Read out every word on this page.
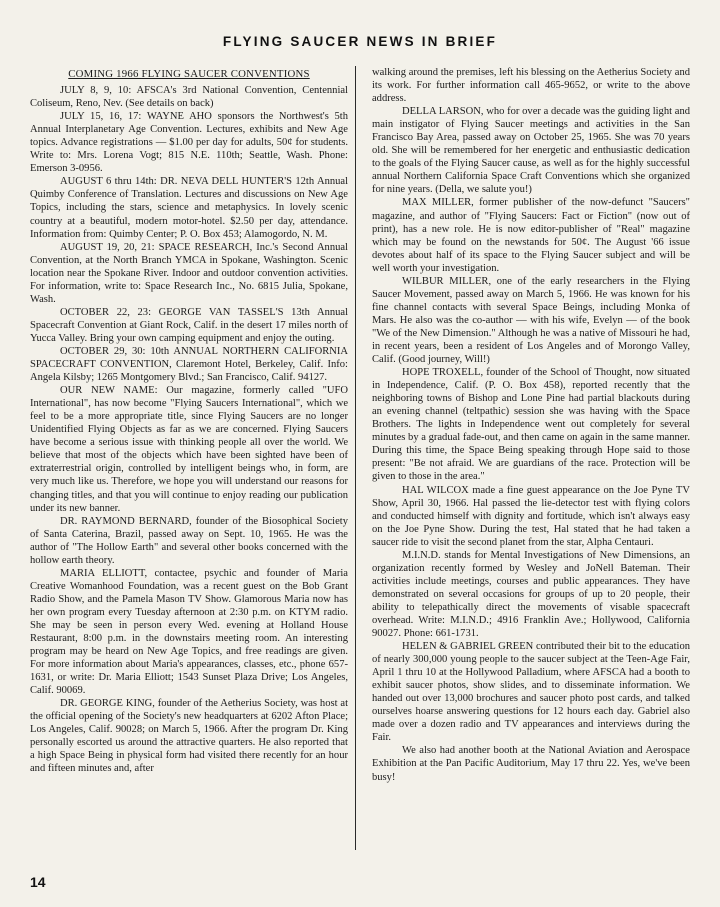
FLYING SAUCER NEWS IN BRIEF

COMING 1966 FLYING SAUCER CONVENTIONS

JULY 8, 9, 10: AFSCA's 3rd National Convention, Centennial Coliseum, Reno, Nev. (See details on back)

JULY 15, 16, 17: WAYNE AHO sponsors the Northwest's 5th Annual Interplanetary Age Convention. Lectures, exhibits and New Age topics. Advance registrations — $1.00 per day for adults, 50¢ for students. Write to: Mrs. Lorena Vogt; 815 N.E. 110th; Seattle, Wash. Phone: Emerson 3-0956.

AUGUST 6 thru 14th: DR. NEVA DELL HUNTER'S 12th Annual Quimby Conference of Translation. Lectures and discussions on New Age Topics, including the stars, science and metaphysics. In lovely scenic country at a beautiful, modern motor-hotel. $2.50 per day, attendance. Information from: Quimby Center; P. O. Box 453; Alamogordo, N. M.

AUGUST 19, 20, 21: SPACE RESEARCH, Inc.'s Second Annual Convention, at the North Branch YMCA in Spokane, Washington. Scenic location near the Spokane River. Indoor and outdoor convention activities. For information, write to: Space Research Inc., No. 6815 Julia, Spokane, Wash.

OCTOBER 22, 23: GEORGE VAN TASSEL'S 13th Annual Spacecraft Convention at Giant Rock, Calif. in the desert 17 miles north of Yucca Valley. Bring your own camping equipment and enjoy the outing.

OCTOBER 29, 30: 10th ANNUAL NORTHERN CALIFORNIA SPACECRAFT CONVENTION, Claremont Hotel, Berkeley, Calif. Info: Angela Kilsby; 1265 Montgomery Blvd.; San Francisco, Calif. 94127.

OUR NEW NAME: Our magazine, formerly called "UFO International", has now become "Flying Saucers International", which we feel to be a more appropriate title, since Flying Saucers are no longer Unidentified Flying Objects as far as we are concerned. Flying Saucers have become a serious issue with thinking people all over the world. We believe that most of the objects which have been sighted have been of extraterrestrial origin, controlled by intelligent beings who, in form, are very much like us. Therefore, we hope you will understand our reasons for changing titles, and that you will continue to enjoy reading our publication under its new banner.

DR. RAYMOND BERNARD, founder of the Biosophical Society of Santa Caterina, Brazil, passed away on Sept. 10, 1965. He was the author of "The Hollow Earth" and several other books concerned with the hollow earth theory.

MARIA ELLIOTT, contactee, psychic and founder of Maria Creative Womanhood Foundation, was a recent guest on the Bob Grant Radio Show, and the Pamela Mason TV Show. Glamorous Maria now has her own program every Tuesday afternoon at 2:30 p.m. on KTYM radio. She may be seen in person every Wed. evening at Holland House Restaurant, 8:00 p.m. in the downstairs meeting room. An interesting program may be heard on New Age Topics, and free readings are given. For more information about Maria's appearances, classes, etc., phone 657-1631, or write: Dr. Maria Elliott; 1543 Sunset Plaza Drive; Los Angeles, Calif. 90069.

DR. GEORGE KING, founder of the Aetherius Society, was host at the official opening of the Society's new headquarters at 6202 Afton Place; Los Angeles, Calif. 90028; on March 5, 1966. After the program Dr. King personally escorted us around the attractive quarters. He also reported that a high Space Being in physical form had visited there recently for an hour and fifteen minutes and, after

walking around the premises, left his blessing on the Aetherius Society and its work. For further information call 465-9652, or write to the above address.

DELLA LARSON, who for over a decade was the guiding light and main instigator of Flying Saucer meetings and activities in the San Francisco Bay Area, passed away on October 25, 1965. She was 70 years old. She will be remembered for her energetic and enthusiastic dedication to the goals of the Flying Saucer cause, as well as for the highly successful annual Northern California Space Craft Conventions which she organized for nine years. (Della, we salute you!)

MAX MILLER, former publisher of the now-defunct "Saucers" magazine, and author of "Flying Saucers: Fact or Fiction" (now out of print), has a new role. He is now editor-publisher of "Real" magazine which may be found on the newstands for 50¢. The August '66 issue devotes about half of its space to the Flying Saucer subject and will be well worth your investigation.

WILBUR MILLER, one of the early researchers in the Flying Saucer Movement, passed away on March 5, 1966. He was known for his fine channel contacts with several Space Beings, including Monka of Mars. He also was the co-author — with his wife, Evelyn — of the book "We of the New Dimension." Although he was a native of Missouri he had, in recent years, been a resident of Los Angeles and of Morongo Valley, Calif. (Good journey, Will!)

HOPE TROXELL, founder of the School of Thought, now situated in Independence, Calif. (P. O. Box 458), reported recently that the neighboring towns of Bishop and Lone Pine had partial blackouts during an evening channel (teltpathic) session she was having with the Space Brothers. The lights in Independence went out completely for several minutes by a gradual fade-out, and then came on again in the same manner. During this time, the Space Being speaking through Hope said to those present: "Be not afraid. We are guardians of the race. Protection will be given to those in the area."

HAL WILCOX made a fine guest appearance on the Joe Pyne TV Show, April 30, 1966. Hal passed the lie-detector test with flying colors and conducted himself with dignity and fortitude, which isn't always easy on the Joe Pyne Show. During the test, Hal stated that he had taken a saucer ride to visit the second planet from the star, Alpha Centauri.

M.I.N.D. stands for Mental Investigations of New Dimensions, an organization recently formed by Wesley and JoNell Bateman. Their activities include meetings, courses and public appearances. They have demonstrated on several occasions for groups of up to 20 people, their ability to telepathically direct the movements of visable spacecraft overhead. Write: M.I.N.D.; 4916 Franklin Ave.; Hollywood, California 90027. Phone: 661-1731.

HELEN & GABRIEL GREEN contributed their bit to the education of nearly 300,000 young people to the saucer subject at the Teen-Age Fair, April 1 thru 10 at the Hollywood Palladium, where AFSCA had a booth to exhibit saucer photos, show slides, and to disseminate information. We handed out over 13,000 brochures and saucer photo post cards, and talked ourselves hoarse answering questions for 12 hours each day. Gabriel also made over a dozen radio and TV appearances and interviews during the Fair.

We also had another booth at the National Aviation and Aerospace Exhibition at the Pan Pacific Auditorium, May 17 thru 22. Yes, we've been busy!

14
